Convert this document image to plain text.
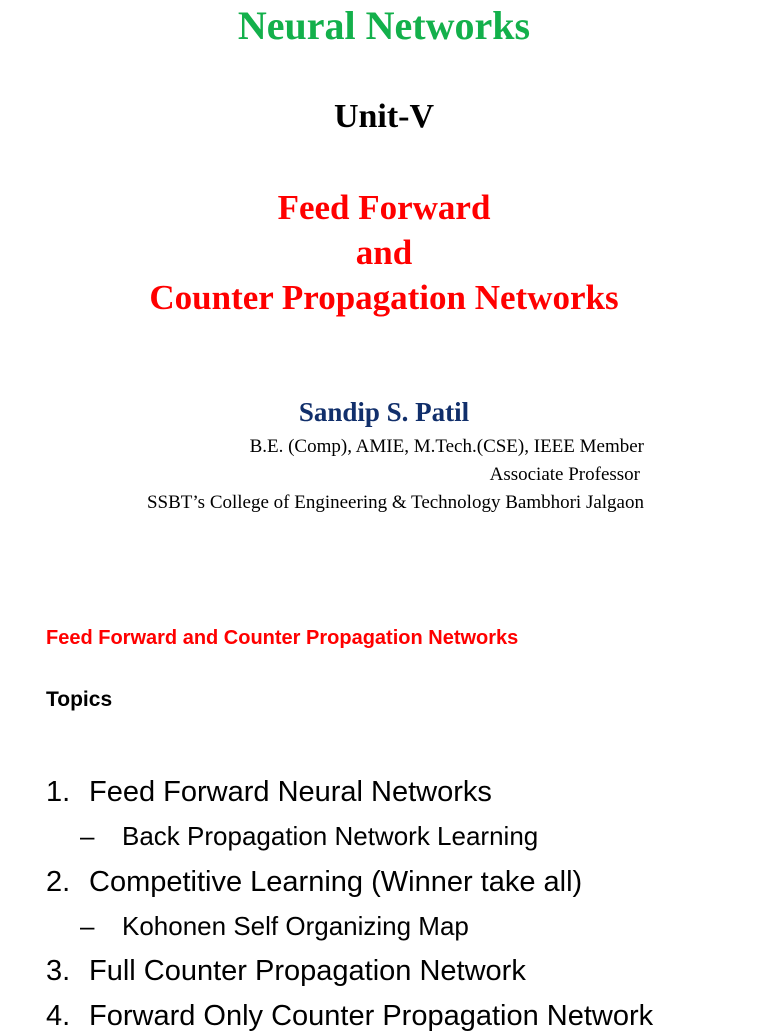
Neural Networks
Unit-V
Feed Forward
and
Counter Propagation Networks
Sandip S. Patil
B.E. (Comp), AMIE, M.Tech.(CSE), IEEE Member
Associate Professor
SSBT’s College of Engineering & Technology Bambhori Jalgaon
Feed Forward and Counter Propagation Networks
Topics
1. Feed Forward Neural Networks
– Back Propagation Network Learning
2. Competitive Learning (Winner take all)
– Kohonen Self Organizing Map
3. Full Counter Propagation Network
4. Forward Only Counter Propagation Network
